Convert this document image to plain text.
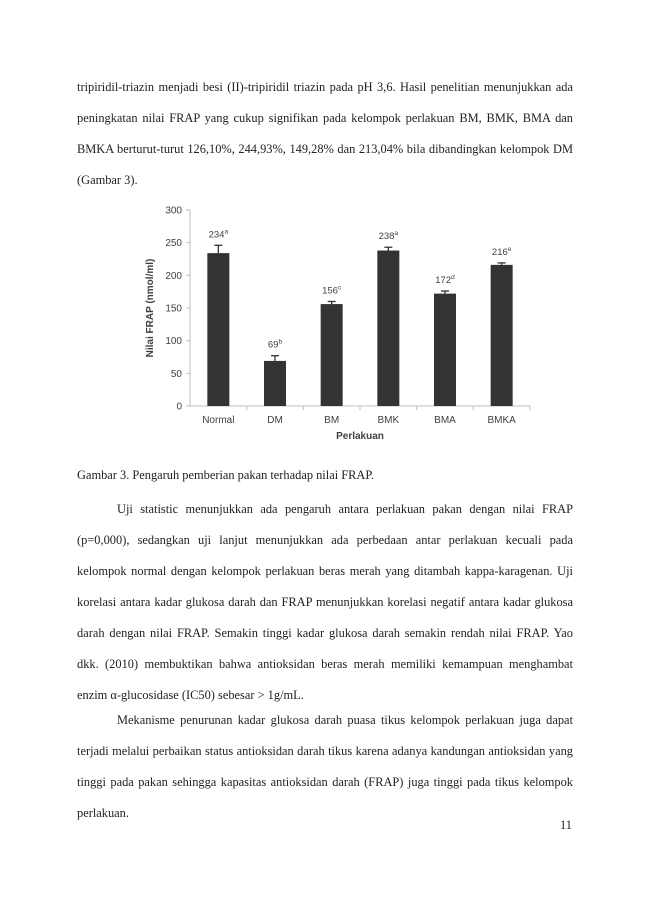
tripiridil-triazin menjadi besi (II)-tripiridil triazin pada pH 3,6. Hasil penelitian menunjukkan ada peningkatan nilai FRAP yang cukup signifikan pada kelompok perlakuan BM, BMK, BMA dan BMKA berturut-turut 126,10%, 244,93%, 149,28% dan 213,04% bila dibandingkan kelompok DM (Gambar 3).

0
50
100
150
200
250
300
234$^a$
Normal
69$^b$
DM
156$^c$
BM
238$^a$
BMK
172$^d$
BMA
216e
BMKA
Perlakuan
Nilai FRAP (nmol/ml)

Gambar 3. Pengaruh pemberian pakan terhadap nilai FRAP.

Uji statistic menunjukkan ada pengaruh antara perlakuan pakan dengan nilai FRAP (p=0,000), sedangkan uji lanjut menunjukkan ada perbedaan antar perlakuan kecuali pada kelompok normal dengan kelompok perlakuan beras merah yang ditambah kappa-karagenan. Uji korelasi antara kadar glukosa darah dan FRAP menunjukkan korelasi negatif antara kadar glukosa darah dengan nilai FRAP. Semakin tinggi kadar glukosa darah semakin rendah nilai FRAP. Yao dkk. (2010) membuktikan bahwa antioksidan beras merah memiliki kemampuan menghambat enzim α-glucosidase (IC50) sebesar > 1g/mL.

Mekanisme penurunan kadar glukosa darah puasa tikus kelompok perlakuan juga dapat terjadi melalui perbaikan status antioksidan darah tikus karena adanya kandungan antioksidan yang tinggi pada pakan sehingga kapasitas antioksidan darah (FRAP) juga tinggi pada tikus kelompok perlakuan.

11
